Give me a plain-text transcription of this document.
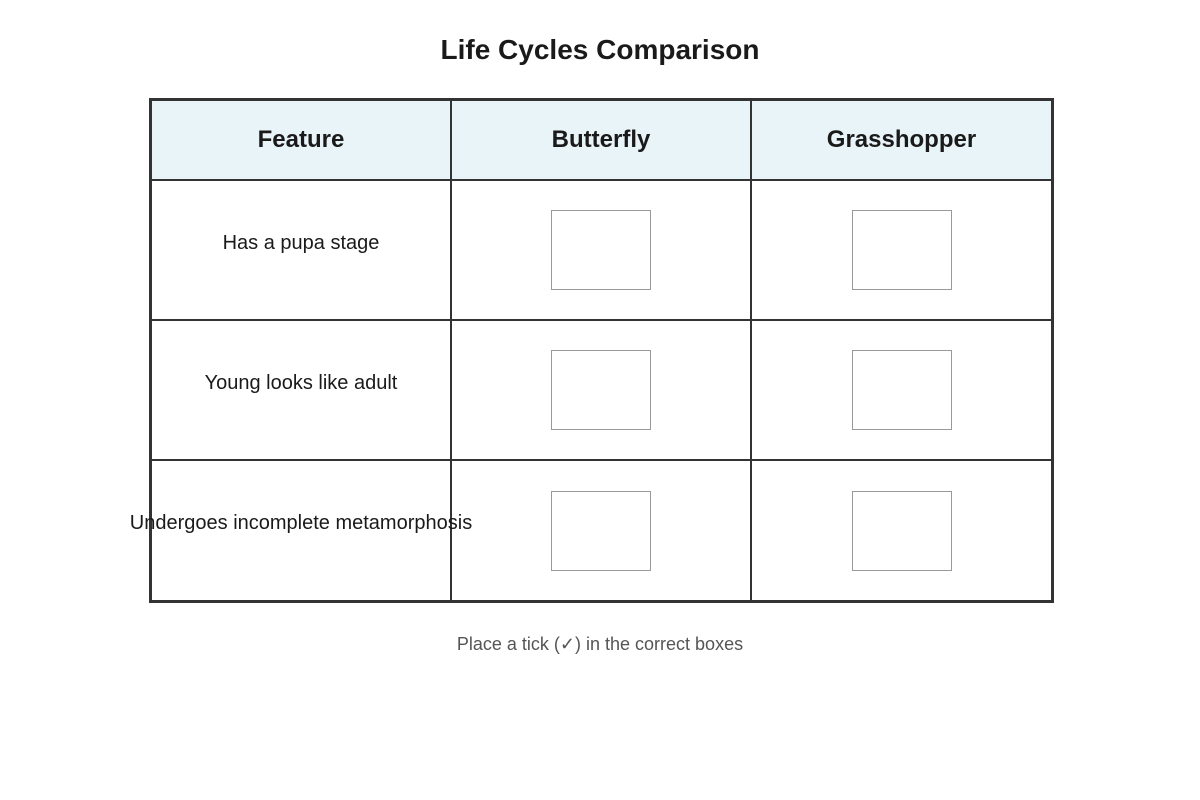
Life Cycles Comparison
Feature	Butterfly	Grasshopper
Has a pupa stage
Young looks like adult
Undergoes incomplete metamorphosis
Place a tick (✓) in the correct boxes
